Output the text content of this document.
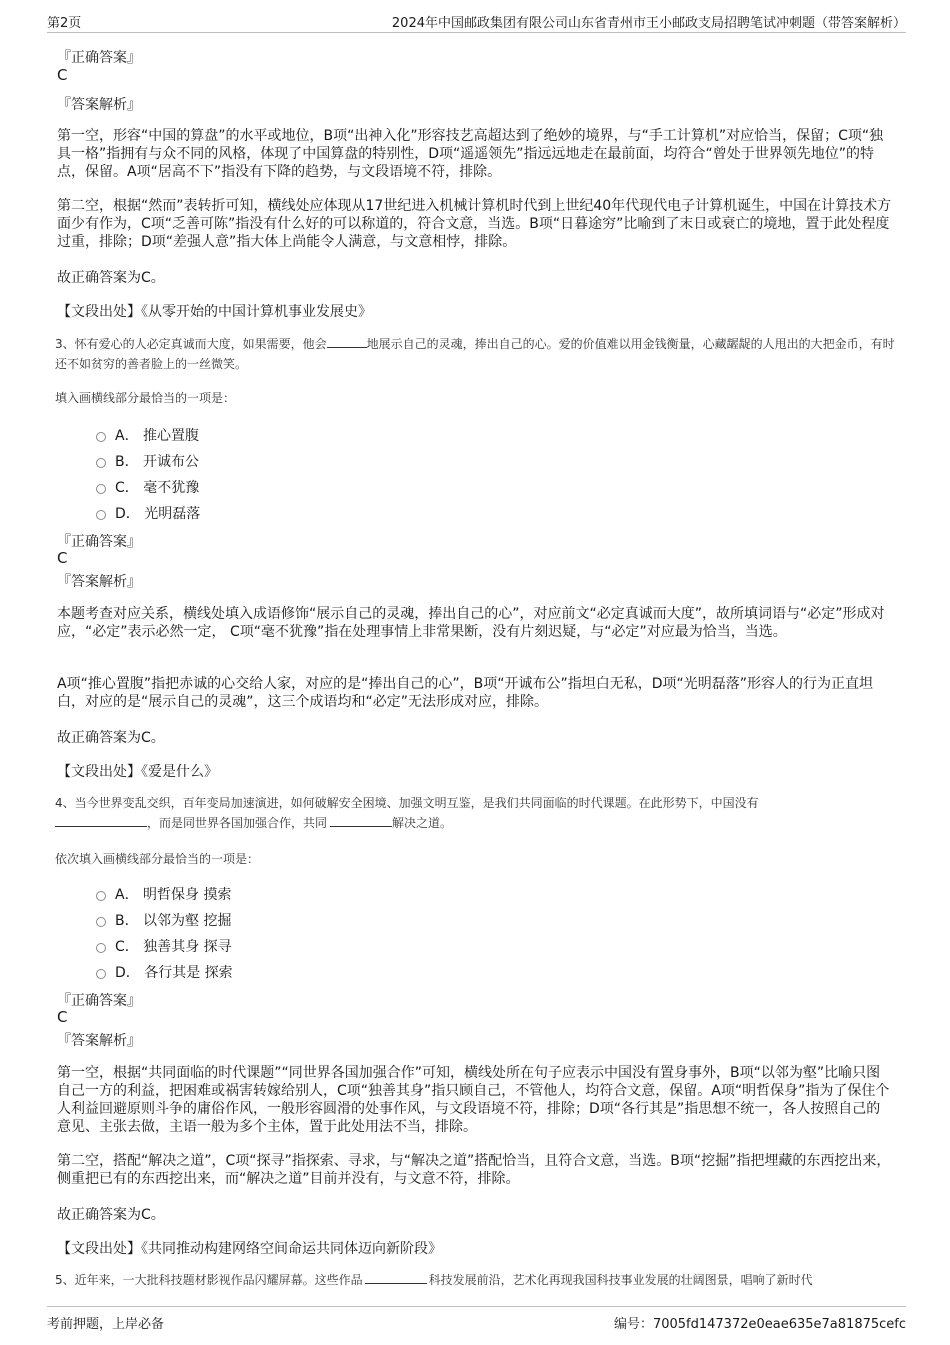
第2页	2024年中国邮政集团有限公司山东省青州市王小邮政支局招聘笔试冲刺题（带答案解析）
『正确答案』
C
『答案解析』
第一空，形容“中国的算盘”的水平或地位，B项“出神入化”形容技艺高超达到了绝妙的境界，与“手工计算机”对应恰当，保留；C项“独具一格”指拥有与众不同的风格，体现了中国算盘的特别性，D项“遥遥领先”指远远地走在最前面，均符合“曾处于世界领先地位”的特点，保留。A项“居高不下”指没有下降的趋势，与文段语境不符，排除。
第二空，根据“然而”表转折可知，横线处应体现从17世纪进入机械计算机时代到上世纪40年代现代电子计算机诞生，中国在计算技术方面少有作为，C项“乏善可陈”指没有什么好的可以称道的，符合文意，当选。B项“日暮途穷”比喻到了末日或衰亡的境地，置于此处程度过重，排除；D项“差强人意”指大体上尚能令人满意，与文意相悖，排除。
故正确答案为C。
【文段出处】《从零开始的中国计算机事业发展史》
3、怀有爱心的人必定真诚而大度，如果需要，他会	地展示自己的灵魂，捧出自己的心。爱的价值难以用金钱衡量，心藏龌龊的人甩出的大把金币，有时还不如贫穷的善者脸上的一丝微笑。
填入画横线部分最恰当的一项是：
A． 推心置腹
B． 开诚布公
C． 毫不犹豫
D． 光明磊落
『正确答案』
C
『答案解析』
本题考查对应关系，横线处填入成语修饰“展示自己的灵魂，捧出自己的心”，对应前文“必定真诚而大度”，故所填词语与“必定”形成对应，“必定”表示必然一定， C项“毫不犹豫”指在处理事情上非常果断，没有片刻迟疑，与“必定”对应最为恰当，当选。
A项“推心置腹”指把赤诚的心交给人家，对应的是“捧出自己的心”，B项“开诚布公”指坦白无私，D项“光明磊落”形容人的行为正直坦白，对应的是“展示自己的灵魂”，这三个成语均和“必定”无法形成对应，排除。
故正确答案为C。
【文段出处】《爱是什么》
4、当今世界变乱交织，百年变局加速演进，如何破解安全困境、加强文明互鉴，是我们共同面临的时代课题。在此形势下，中国没有
，而是同世界各国加强合作，共同	解决之道。
依次填入画横线部分最恰当的一项是：
A． 明哲保身 摸索
B． 以邻为壑 挖掘
C． 独善其身 探寻
D． 各行其是 探索
『正确答案』
C
『答案解析』
第一空，根据“共同面临的时代课题”“同世界各国加强合作”可知，横线处所在句子应表示中国没有置身事外，B项“以邻为壑”比喻只图自己一方的利益，把困难或祸害转嫁给别人，C项“独善其身”指只顾自己，不管他人，均符合文意，保留。A项“明哲保身”指为了保住个人利益回避原则斗争的庸俗作风，一般形容圆滑的处事作风，与文段语境不符，排除；D项“各行其是”指思想不统一，各人按照自己的意见、主张去做，主语一般为多个主体，置于此处用法不当，排除。
第二空，搭配“解决之道”，C项“探寻”指探索、寻求，与“解决之道”搭配恰当，且符合文意，当选。B项“挖掘”指把埋藏的东西挖出来，侧重把已有的东西挖出来，而“解决之道”目前并没有，与文意不符，排除。
故正确答案为C。
【文段出处】《共同推动构建网络空间命运共同体迈向新阶段》
5、近年来，一大批科技题材影视作品闪耀屏幕。这些作品	科技发展前沿，艺术化再现我国科技事业发展的壮阔图景，唱响了新时代
考前押题，上岸必备	编号：7005fd147372e0eae635e7a81875cefc
